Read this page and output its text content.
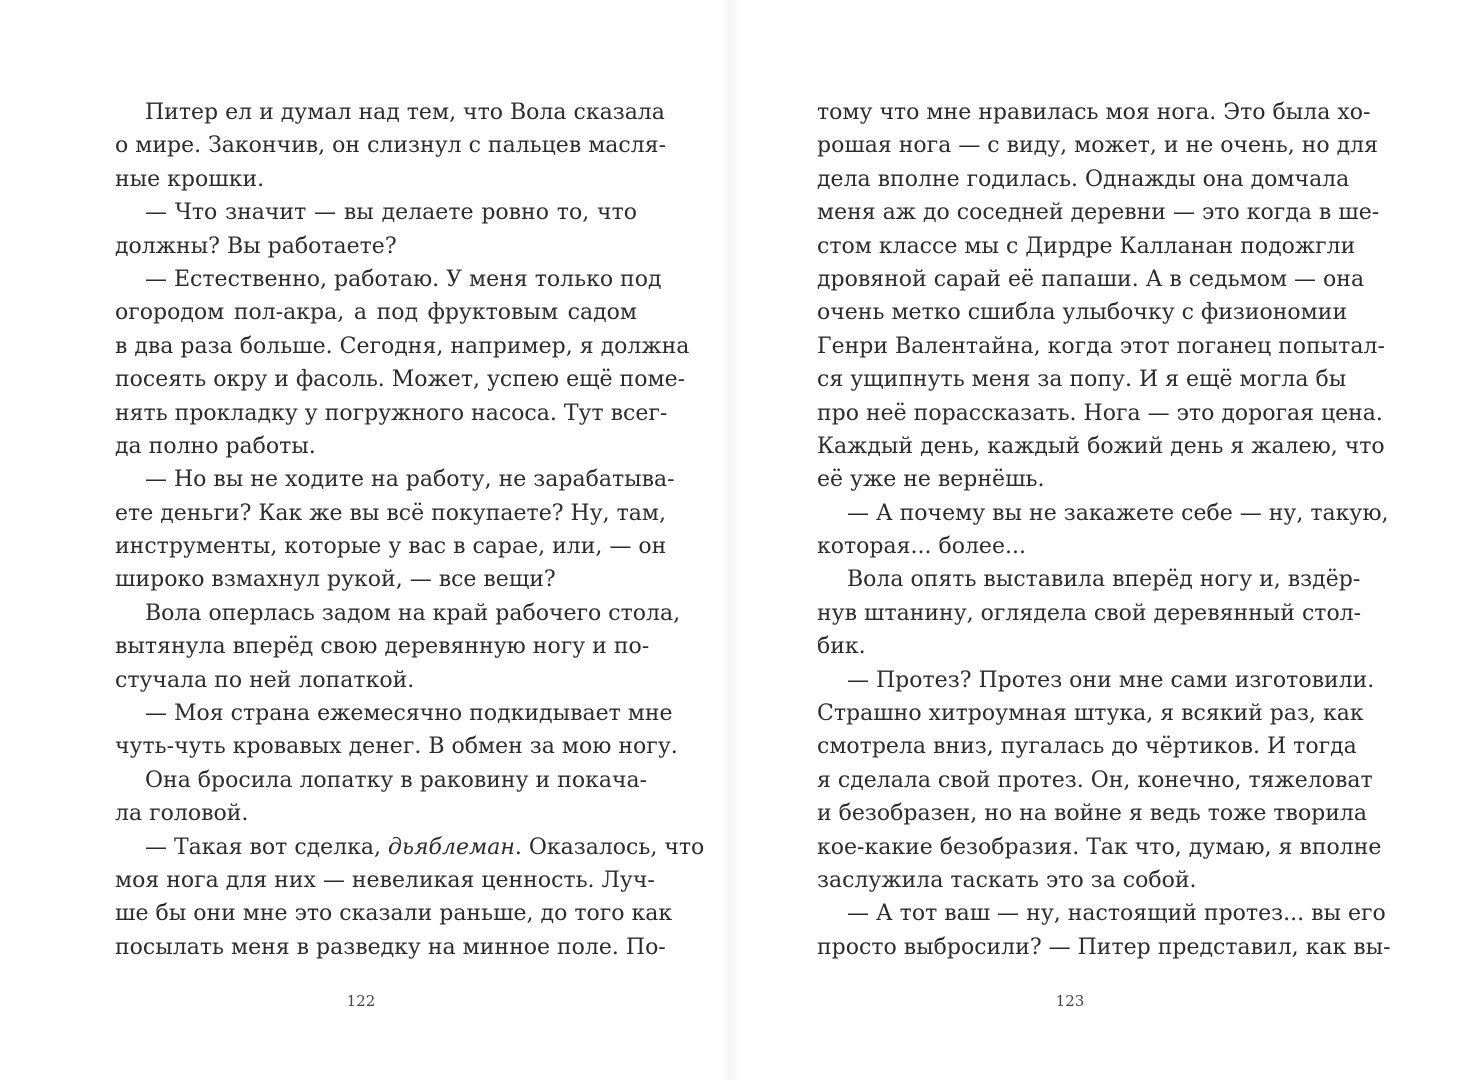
Питер ел и думал над тем, что Вола сказала
о мире. Закончив, он слизнул с пальцев масля-
ные крошки.
— Что значит — вы делаете ровно то, что
должны? Вы работаете?
— Естественно, работаю. У меня только под
огородом пол-акра, а под фруктовым садом
в два раза больше. Сегодня, например, я должна
посеять окру и фасоль. Может, успею ещё поме-
нять прокладку у погружного насоса. Тут всег-
да полно работы.
— Но вы не ходите на работу, не зарабатыва-
ете деньги? Как же вы всё покупаете? Ну, там,
инструменты, которые у вас в сарае, или, — он
широко взмахнул рукой, — все вещи?
Вола оперлась задом на край рабочего стола,
вытянула вперёд свою деревянную ногу и по-
стучала по ней лопаткой.
— Моя страна ежемесячно подкидывает мне
чуть-чуть кровавых денег. В обмен за мою ногу.
Она бросила лопатку в раковину и покача-
ла головой.
— Такая вот сделка, дьяблеман. Оказалось, что
моя нога для них — невеликая ценность. Луч-
ше бы они мне это сказали раньше, до того как
посылать меня в разведку на минное поле. По-
122
тому что мне нравилась моя нога. Это была хо-
рошая нога — с виду, может, и не очень, но для
дела вполне годилась. Однажды она домчала
меня аж до соседней деревни — это когда в ше-
стом классе мы с Дирдре Калланан подожгли
дровяной сарай её папаши. А в седьмом — она
очень метко сшибла улыбочку с физиономии
Генри Валентайна, когда этот поганец попытал-
ся ущипнуть меня за попу. И я ещё могла бы
про неё порассказать. Нога — это дорогая цена.
Каждый день, каждый божий день я жалею, что
её уже не вернёшь.
— А почему вы не закажете себе — ну, такую,
которая... более...
Вола опять выставила вперёд ногу и, вздёр-
нув штанину, оглядела свой деревянный стол-
бик.
— Протез? Протез они мне сами изготовили.
Страшно хитроумная штука, я всякий раз, как
смотрела вниз, пугалась до чёртиков. И тогда
я сделала свой протез. Он, конечно, тяжеловат
и безобразен, но на войне я ведь тоже творила
кое-какие безобразия. Так что, думаю, я вполне
заслужила таскать это за собой.
— А тот ваш — ну, настоящий протез... вы его
просто выбросили? — Питер представил, как вы-
123
